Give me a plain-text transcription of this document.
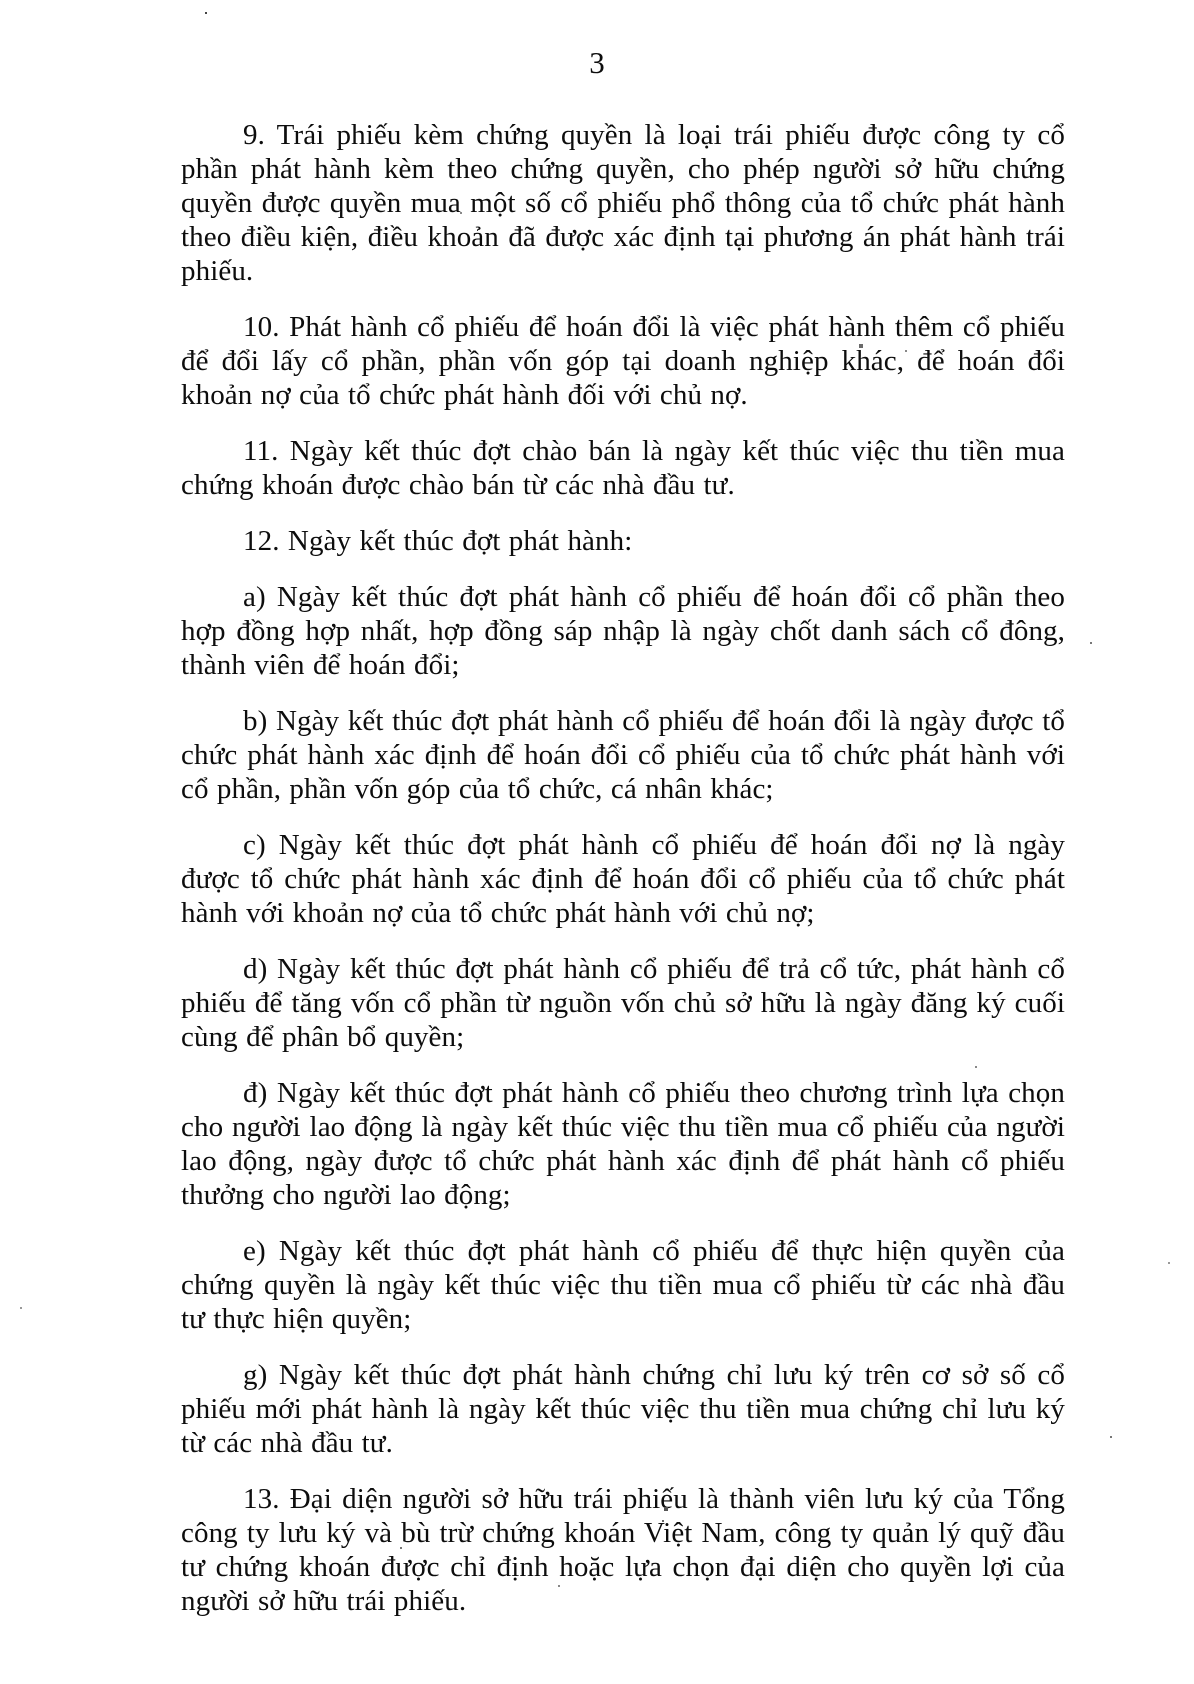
3

9. Trái phiếu kèm chứng quyền là loại trái phiếu được công ty cổ phần phát hành kèm theo chứng quyền, cho phép người sở hữu chứng quyền được quyền mua một số cổ phiếu phổ thông của tổ chức phát hành theo điều kiện, điều khoản đã được xác định tại phương án phát hành trái phiếu.

10. Phát hành cổ phiếu để hoán đổi là việc phát hành thêm cổ phiếu để đổi lấy cổ phần, phần vốn góp tại doanh nghiệp khác, để hoán đổi khoản nợ của tổ chức phát hành đối với chủ nợ.

11. Ngày kết thúc đợt chào bán là ngày kết thúc việc thu tiền mua chứng khoán được chào bán từ các nhà đầu tư.

12. Ngày kết thúc đợt phát hành:

a) Ngày kết thúc đợt phát hành cổ phiếu để hoán đổi cổ phần theo hợp đồng hợp nhất, hợp đồng sáp nhập là ngày chốt danh sách cổ đông, thành viên để hoán đổi;

b) Ngày kết thúc đợt phát hành cổ phiếu để hoán đổi là ngày được tổ chức phát hành xác định để hoán đổi cổ phiếu của tổ chức phát hành với cổ phần, phần vốn góp của tổ chức, cá nhân khác;

c) Ngày kết thúc đợt phát hành cổ phiếu để hoán đổi nợ là ngày được tổ chức phát hành xác định để hoán đổi cổ phiếu của tổ chức phát hành với khoản nợ của tổ chức phát hành với chủ nợ;

d) Ngày kết thúc đợt phát hành cổ phiếu để trả cổ tức, phát hành cổ phiếu để tăng vốn cổ phần từ nguồn vốn chủ sở hữu là ngày đăng ký cuối cùng để phân bổ quyền;

đ) Ngày kết thúc đợt phát hành cổ phiếu theo chương trình lựa chọn cho người lao động là ngày kết thúc việc thu tiền mua cổ phiếu của người lao động, ngày được tổ chức phát hành xác định để phát hành cổ phiếu thưởng cho người lao động;

e) Ngày kết thúc đợt phát hành cổ phiếu để thực hiện quyền của chứng quyền là ngày kết thúc việc thu tiền mua cổ phiếu từ các nhà đầu tư thực hiện quyền;

g) Ngày kết thúc đợt phát hành chứng chỉ lưu ký trên cơ sở số cổ phiếu mới phát hành là ngày kết thúc việc thu tiền mua chứng chỉ lưu ký từ các nhà đầu tư.

13. Đại diện người sở hữu trái phiếu là thành viên lưu ký của Tổng công ty lưu ký và bù trừ chứng khoán Việt Nam, công ty quản lý quỹ đầu tư chứng khoán được chỉ định hoặc lựa chọn đại diện cho quyền lợi của người sở hữu trái phiếu.
